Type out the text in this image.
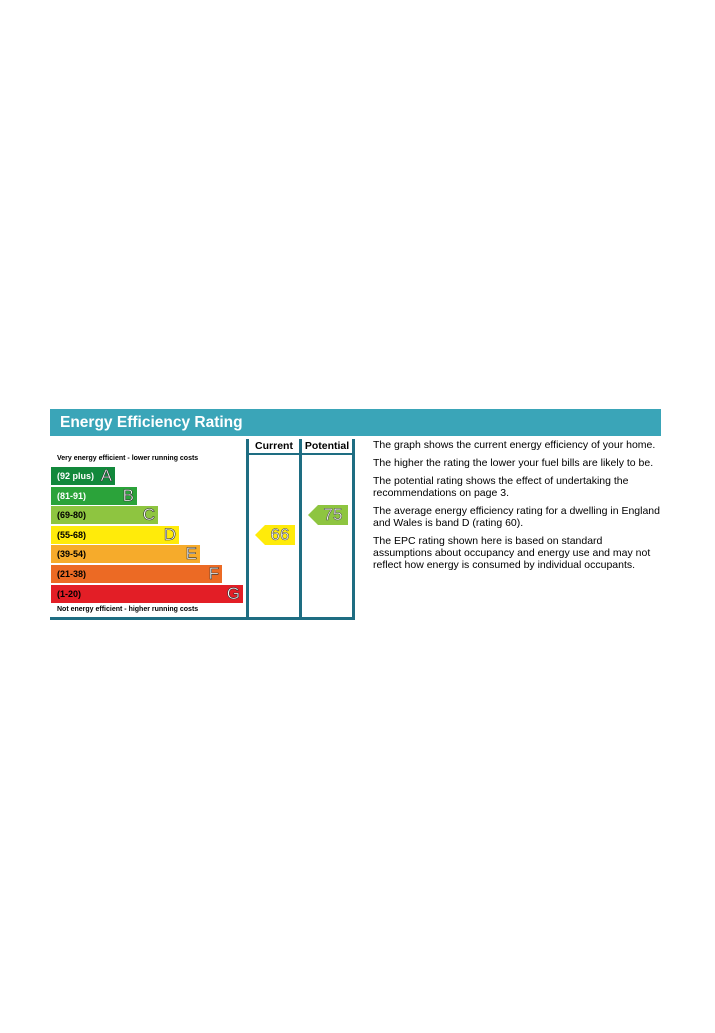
Energy Efficiency Rating
Current	Potential
Very energy efficient - lower running costs
Not energy efficient - higher running costs
(92 plus) A
(81-91) B
(69-80)	C
(55-68)	D
(39-54)	E
(21-38)	F
(1-20)	G
66
75

The graph shows the current energy efficiency of your home.

The higher the rating the lower your fuel bills are likely to be.

The potential rating shows the effect of undertaking the recommendations on page 3.

The average energy efficiency rating for a dwelling in England and Wales is band D (rating 60).

The EPC rating shown here is based on standard assumptions about occupancy and energy use and may not reflect how energy is consumed by individual occupants.
